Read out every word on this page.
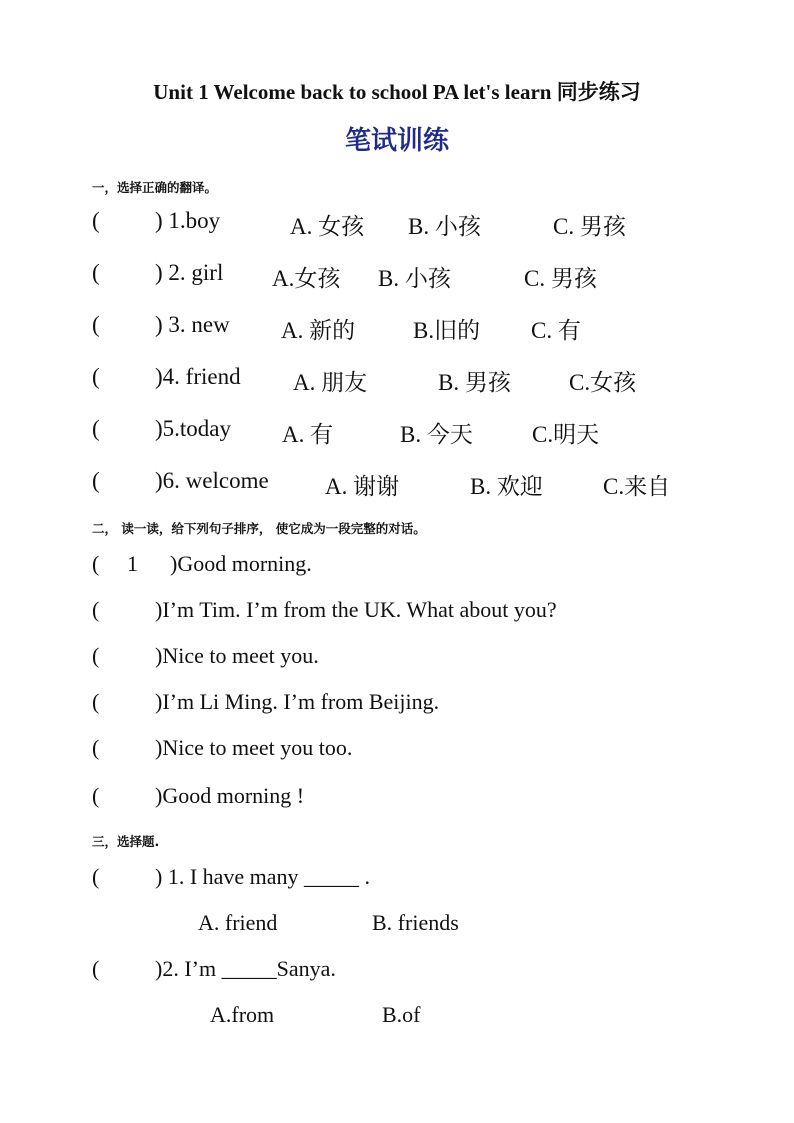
Unit 1 Welcome back to school PA let's learn 同步练习
笔试训练
一，选择正确的翻译。
( ) 1.boy	A. 女孩 B. 小孩	C. 男孩
( ) 2. girl A.女孩 B. 小孩	C. 男孩
( ) 3. new A. 新的	B.旧的 C. 有
( )4. friend A. 朋友	B. 男孩	C.女孩
( )5.today A. 有	B. 今天	C.明天
( )6. welcome A. 谢谢	B. 欢迎	C.来自
二， 读一读，给下列句子排序， 使它成为一段完整的对话。
( 1 )Good morning.
(	)I’m Tim. I’m from the UK. What about you?
(	)Nice to meet you.
(	)I’m Li Ming. I’m from Beijing.
(	)Nice to meet you too.
(	)Good morning !
三，选择题.
(	) 1. I have many _____ .
A. friend	B. friends
(	)2. I’m _____Sanya.
A.from	B.of
